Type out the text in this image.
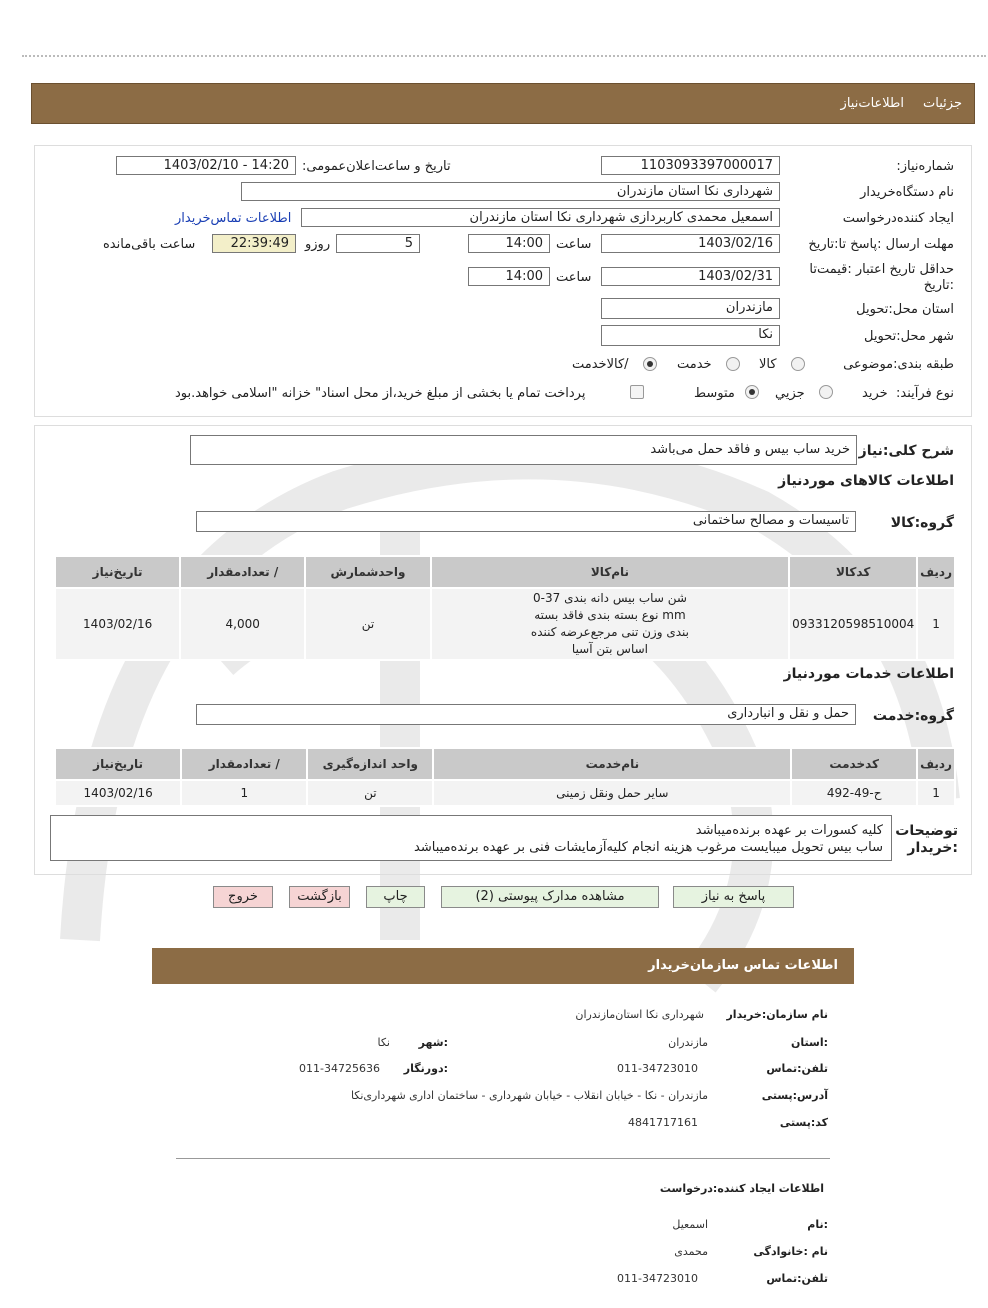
جزئیات
اطلاعات‌نیاز
شماره‌نیاز:
1103093397000017
تاریخ و ساعت‌اعلان‌عمومی:
1403/02/10 - 14:20
نام دستگاه‌خریدار
شهرداری نکا استان مازندران
ایجاد کننده‌درخواست
اسمعیل محمدی کاربردازی شهرداری نکا استان مازندران
اطلاعات تماس‌خریدار
مهلت ارسال :پاسخ تا:تاریخ
1403/02/16
ساعت
14:00
5
روزو
22:39:49
ساعت باقی‌مانده
حداقل تاریخ اعتبار :قیمت‌تا
:تاریخ
1403/02/31
ساعت
14:00
استان محل:تحویل
مازندران
شهر محل:تحویل
نکا
طبقه بندی:موضوعی
کالا
خدمت
/کالاخدمت
نوع فرآیند:
خرید
جزیي
متوسط
پرداخت تمام یا بخشی از مبلغ خرید،از محل اسناد" خزانه "اسلامی خواهد.بود
شرح کلی:نیاز
خرید ساب بیس و فاقد حمل می‌باشد
اطلاعات کالاهای موردنیاز
گروه:کالا
تاسیسات و مصالح ساختمانی
ردیف	کدکالا	نام‌کالا	واحدشمارش	/ تعدادمقدار	تاریخ‌نیاز
1	0933120598510004	شن ساب بیس دانه بندی 37-0 mm نوع بسته بندی فاقد بسته بندی وزن تنی مرجع‌عرضه کننده اساس بتن آسیا	تن	4,000	1403/02/16
اطلاعات خدمات موردنیاز
گروه:خدمت
حمل و نقل و انبارداری
ردیف	کدخدمت	نام‌خدمت	واحد اندازه‌گیری	/ تعدادمقدار	تاریخ‌نیاز
1	ح-49-492	سایر حمل ونقل زمینی	تن	1	1403/02/16
توضیحات
:خریدار
کلیه کسورات بر عهده برنده‌میباشد
ساب بیس تحویل میبایست مرغوب هزینه انجام کلیه‌آزمایشات فنی بر عهده برنده‌میباشد
پاسخ به نیاز
مشاهده مدارک پیوستی (2)
چاپ
بازگشت
خروج
اطلاعات تماس سازمان‌خریدار
نام سازمان:خریدار
شهرداری نکا استان‌مازندران
:استان
مازندران
:شهر
نکا
تلفن:تماس
011-34723010
:دورنگار
011-34725636
آدرس:پستی
مازندران - نکا - خیابان انقلاب - خیابان شهرداری - ساختمان اداری شهرداری‌نکا
کد:پستی
4841717161
اطلاعات ایجاد کننده:درخواست
:نام
اسمعیل
نام :خانوادگی
محمدی
تلفن:تماس
011-34723010
